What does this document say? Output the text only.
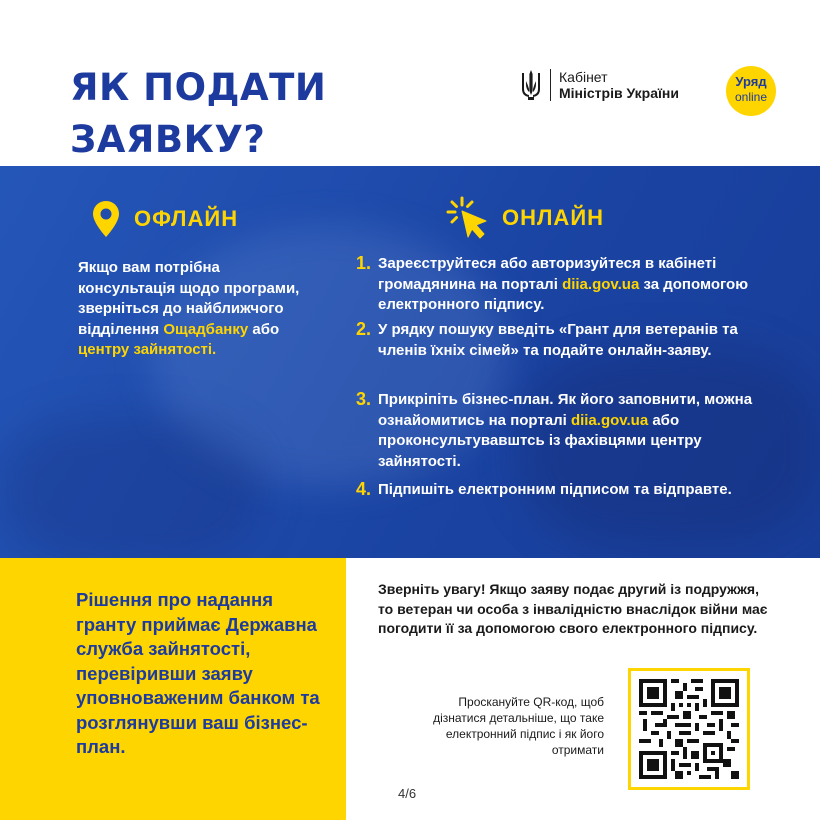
ЯК ПОДАТИ ЗАЯВКУ?
Кабінет
Міністрів України
Уряд
online
ОФЛАЙН
Якщо вам потрібна консультація щодо програми, зверніться до найближчого відділення Ощадбанку або центру зайнятості.
ОНЛАЙН
1. Зареєструйтеся або авторизуйтеся в кабінеті громадянина на порталі diia.gov.ua за допомогою електронного підпису.
2. У рядку пошуку введіть «Грант для ветеранів та членів їхніх сімей» та подайте онлайн-заяву.
3. Прикріпіть бізнес-план. Як його заповнити, можна ознайомитись на порталі diia.gov.ua або проконсультувавштсь із фахівцями центру зайнятості.
4. Підпишіть електронним підписом та відправте.
Рішення про надання гранту приймає Державна служба зайнятості, перевіривши заяву уповноваженим банком та розглянувши ваш бізнес-план.
Зверніть увагу! Якщо заяву подає другий із подружжя, то ветеран чи особа з інвалідністю внаслідок війни має погодити її за допомогою свого електронного підпису.
Проскануйте QR-код, щоб дізнатися детальніше, що таке електронний підпис і як його отримати
4/6
